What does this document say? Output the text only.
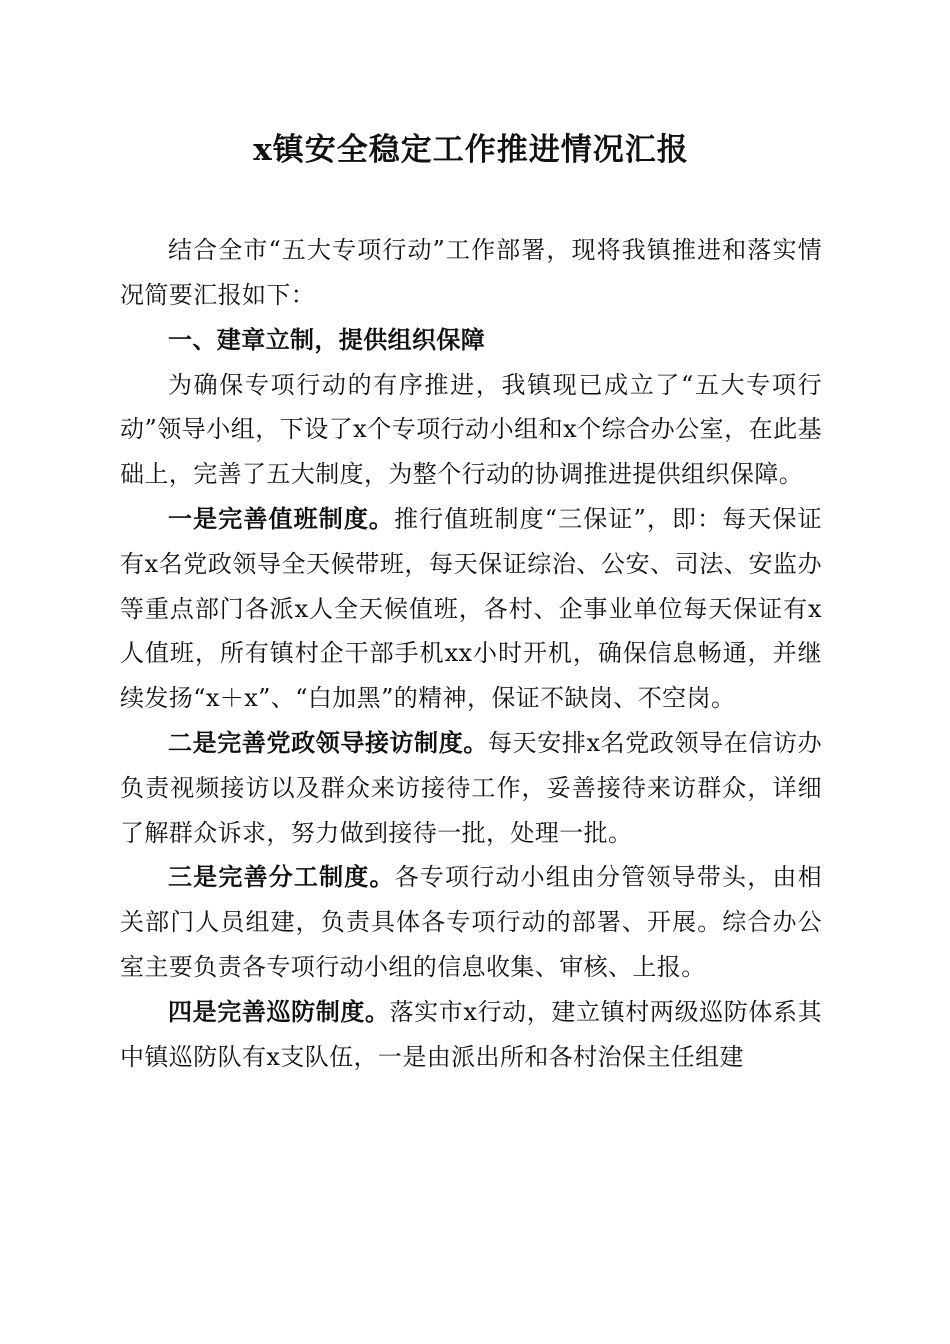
x镇安全稳定工作推进情况汇报

结合全市“五大专项行动”工作部署，现将我镇推进和落实情况简要汇报如下：

一、建章立制，提供组织保障

为确保专项行动的有序推进，我镇现已成立了“五大专项行动”领导小组，下设了x个专项行动小组和x个综合办公室，在此基础上，完善了五大制度，为整个行动的协调推进提供组织保障。

一是完善值班制度。推行值班制度“三保证”，即：每天保证有x名党政领导全天候带班，每天保证综治、公安、司法、安监办等重点部门各派x人全天候值班，各村、企事业单位每天保证有x人值班，所有镇村企干部手机xx小时开机，确保信息畅通，并继续发扬“x＋x”、“白加黑”的精神，保证不缺岗、不空岗。

二是完善党政领导接访制度。每天安排x名党政领导在信访办负责视频接访以及群众来访接待工作，妥善接待来访群众，详细了解群众诉求，努力做到接待一批，处理一批。

三是完善分工制度。各专项行动小组由分管领导带头，由相关部门人员组建，负责具体各专项行动的部署、开展。综合办公室主要负责各专项行动小组的信息收集、审核、上报。

四是完善巡防制度。落实市x行动，建立镇村两级巡防体系其中镇巡防队有x支队伍，一是由派出所和各村治保主任组建
